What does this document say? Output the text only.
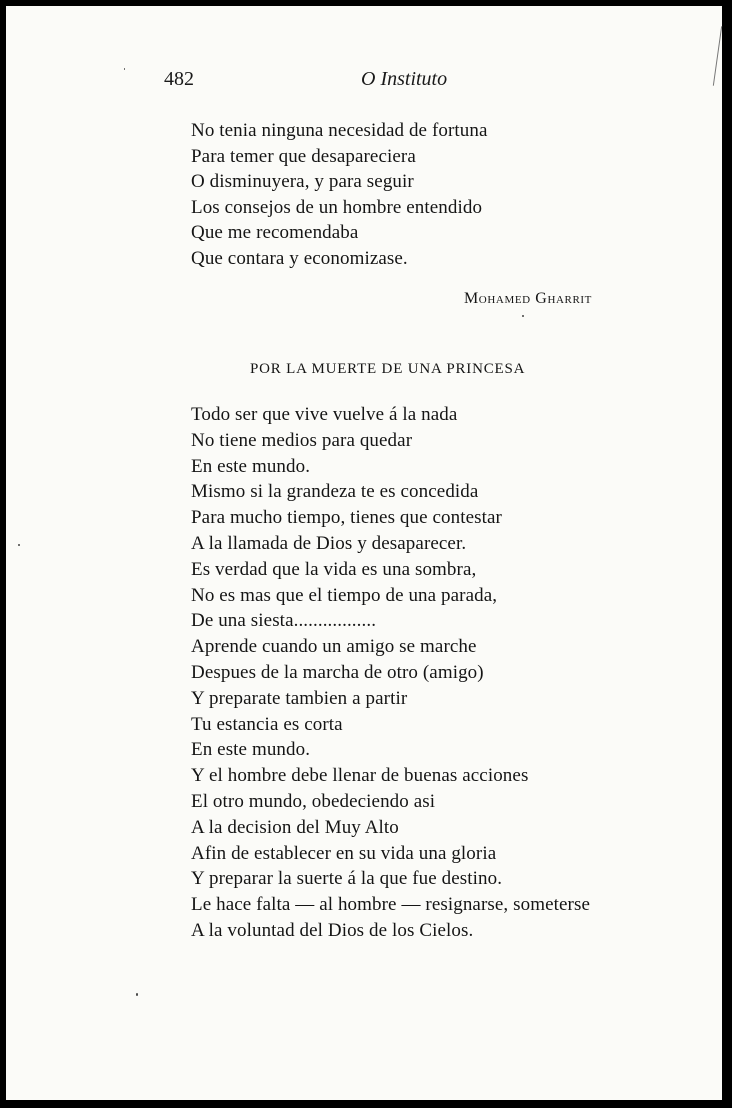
482	O Instituto
No tenia ninguna necesidad de fortuna
Para temer que desapareciera
O disminuyera, y para seguir
Los consejos de un hombre entendido
Que me recomendaba
Que contara y economizase.
Mohamed Gharrit
POR LA MUERTE DE UNA PRINCESA
Todo ser que vive vuelve á la nada
No tiene medios para quedar
En este mundo.
Mismo si la grandeza te es concedida
Para mucho tiempo, tienes que contestar
A la llamada de Dios y desaparecer.
Es verdad que la vida es una sombra,
No es mas que el tiempo de una parada,
De una siesta.................
Aprende cuando un amigo se marche
Despues de la marcha de otro (amigo)
Y preparate tambien a partir
Tu estancia es corta
En este mundo.
Y el hombre debe llenar de buenas acciones
El otro mundo, obedeciendo asi
A la decision del Muy Alto
Afin de establecer en su vida una gloria
Y preparar la suerte á la que fue destino.
Le hace falta — al hombre — resignarse, someterse
A la voluntad del Dios de los Cielos.
